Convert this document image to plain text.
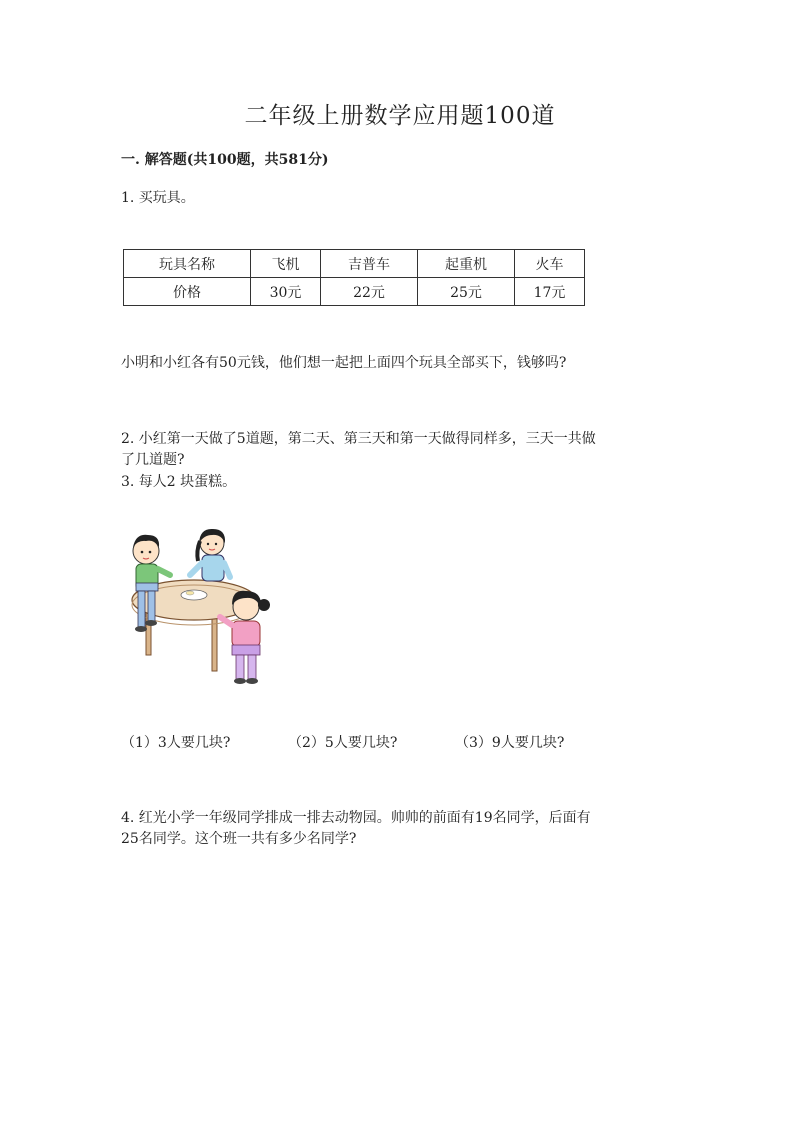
二年级上册数学应用题100道
一. 解答题(共100题，共581分)
1. 买玩具。
玩具名称	飞机	吉普车	起重机	火车
价格	30元	22元	25元	17元
小明和小红各有50元钱，他们想一起把上面四个玩具全部买下，钱够吗?
2. 小红第一天做了5道题，第二天、第三天和第一天做得同样多，三天一共做
了几道题?
3. 每人2 块蛋糕。
（1）3人要几块?	（2）5人要几块?	（3）9人要几块?
4. 红光小学一年级同学排成一排去动物园。帅帅的前面有19名同学，后面有
25名同学。这个班一共有多少名同学?
